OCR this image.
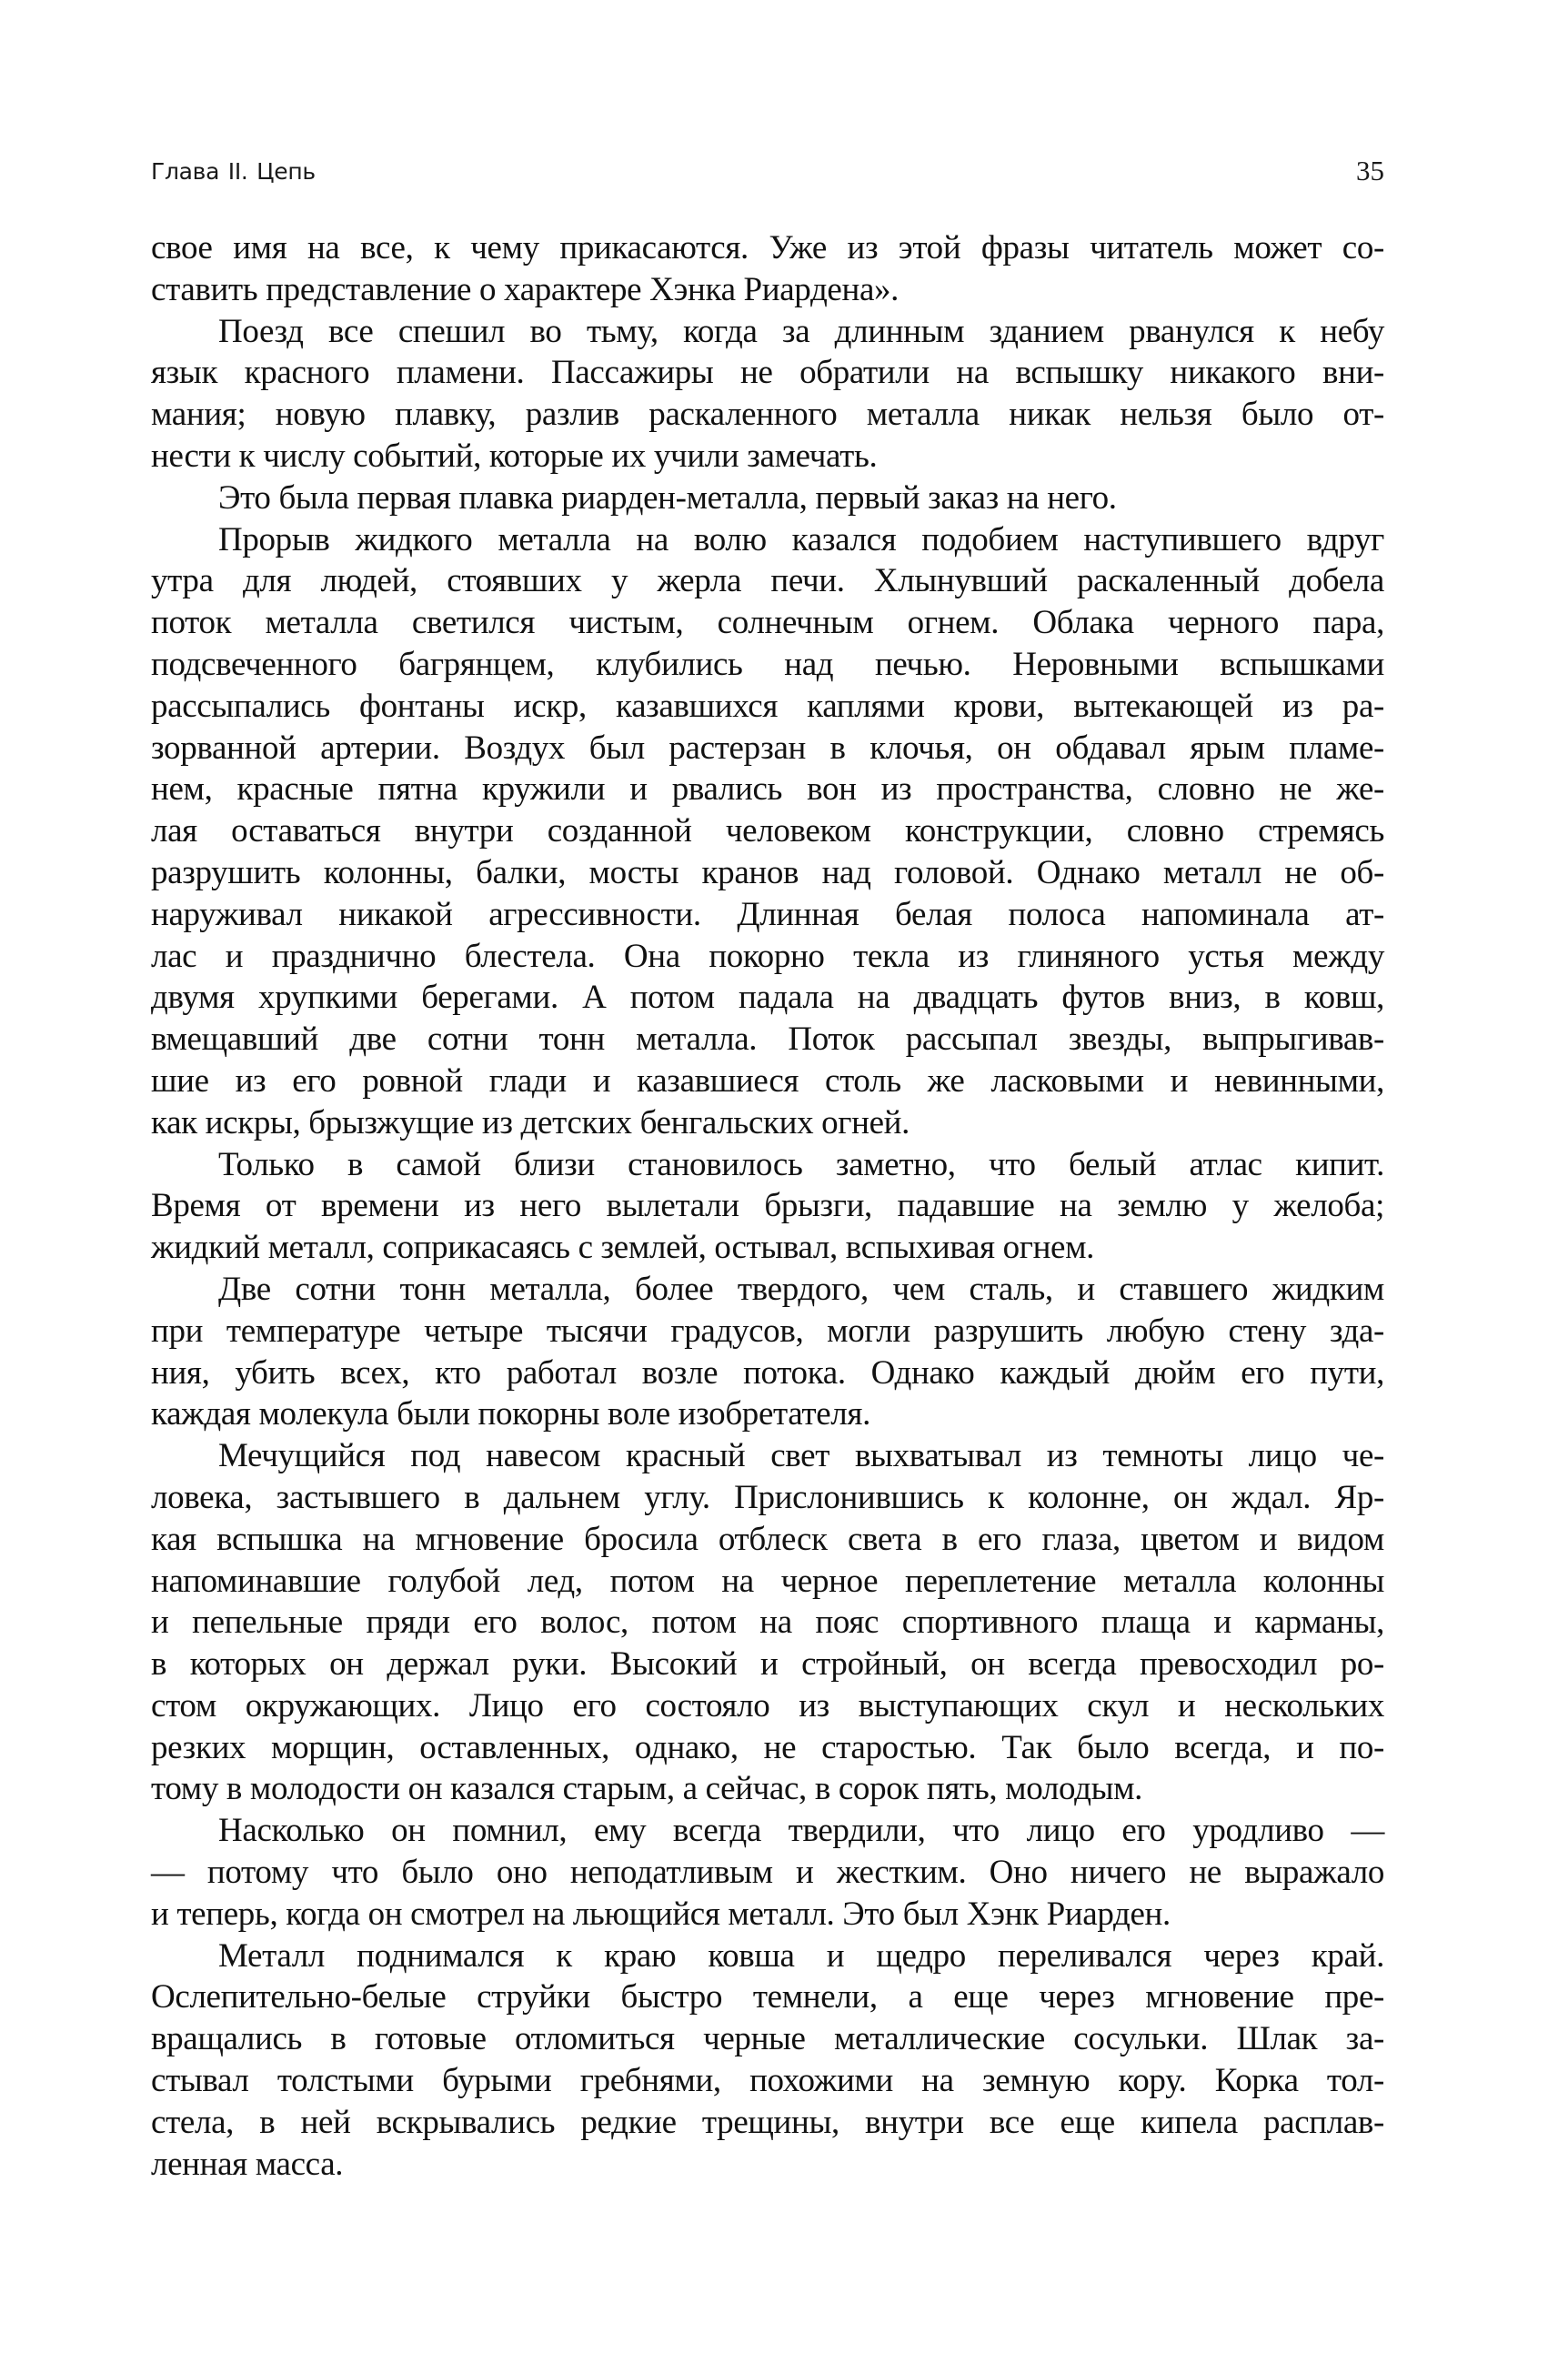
Глава II. Цепь	35
свое имя на все, к чему прикасаются. Уже из этой фразы читатель может со-
ставить представление о характере Хэнка Риардена».
Поезд все спешил во тьму, когда за длинным зданием рванулся к небу
язык красного пламени. Пассажиры не обратили на вспышку никакого вни-
мания; новую плавку, разлив раскаленного металла никак нельзя было от-
нести к числу событий, которые их учили замечать.
Это была первая плавка риарден-металла, первый заказ на него.
Прорыв жидкого металла на волю казался подобием наступившего вдруг
утра для людей, стоявших у жерла печи. Хлынувший раскаленный добела
поток металла светился чистым, солнечным огнем. Облака черного пара,
подсвеченного багрянцем, клубились над печью. Неровными вспышками
рассыпались фонтаны искр, казавшихся каплями крови, вытекающей из ра-
зорванной артерии. Воздух был растерзан в клочья, он обдавал ярым пламе-
нем, красные пятна кружили и рвались вон из пространства, словно не же-
лая оставаться внутри созданной человеком конструкции, словно стремясь
разрушить колонны, балки, мосты кранов над головой. Однако металл не об-
наруживал никакой агрессивности. Длинная белая полоса напоминала ат-
лас и празднично блестела. Она покорно текла из глиняного устья между
двумя хрупкими берегами. А потом падала на двадцать футов вниз, в ковш,
вмещавший две сотни тонн металла. Поток рассыпал звезды, выпрыгивав-
шие из его ровной глади и казавшиеся столь же ласковыми и невинными,
как искры, брызжущие из детских бенгальских огней.
Только в самой близи становилось заметно, что белый атлас кипит.
Время от времени из него вылетали брызги, падавшие на землю у желоба;
жидкий металл, соприкасаясь с землей, остывал, вспыхивая огнем.
Две сотни тонн металла, более твердого, чем сталь, и ставшего жидким
при температуре четыре тысячи градусов, могли разрушить любую стену зда-
ния, убить всех, кто работал возле потока. Однако каждый дюйм его пути,
каждая молекула были покорны воле изобретателя.
Мечущийся под навесом красный свет выхватывал из темноты лицо че-
ловека, застывшего в дальнем углу. Прислонившись к колонне, он ждал. Яр-
кая вспышка на мгновение бросила отблеск света в его глаза, цветом и видом
напоминавшие голубой лед, потом на черное переплетение металла колонны
и пепельные пряди его волос, потом на пояс спортивного плаща и карманы,
в которых он держал руки. Высокий и стройный, он всегда превосходил ро-
стом окружающих. Лицо его состояло из выступающих скул и нескольких
резких морщин, оставленных, однако, не старостью. Так было всегда, и по-
тому в молодости он казался старым, а сейчас, в сорок пять, молодым.
Насколько он помнил, ему всегда твердили, что лицо его уродливо —
— потому что было оно неподатливым и жестким. Оно ничего не выражало
и теперь, когда он смотрел на льющийся металл. Это был Хэнк Риарден.
Металл поднимался к краю ковша и щедро переливался через край.
Ослепительно-белые струйки быстро темнели, а еще через мгновение пре-
вращались в готовые отломиться черные металлические сосульки. Шлак за-
стывал толстыми бурыми гребнями, похожими на земную кору. Корка тол-
стела, в ней вскрывались редкие трещины, внутри все еще кипела расплав-
ленная масса.
